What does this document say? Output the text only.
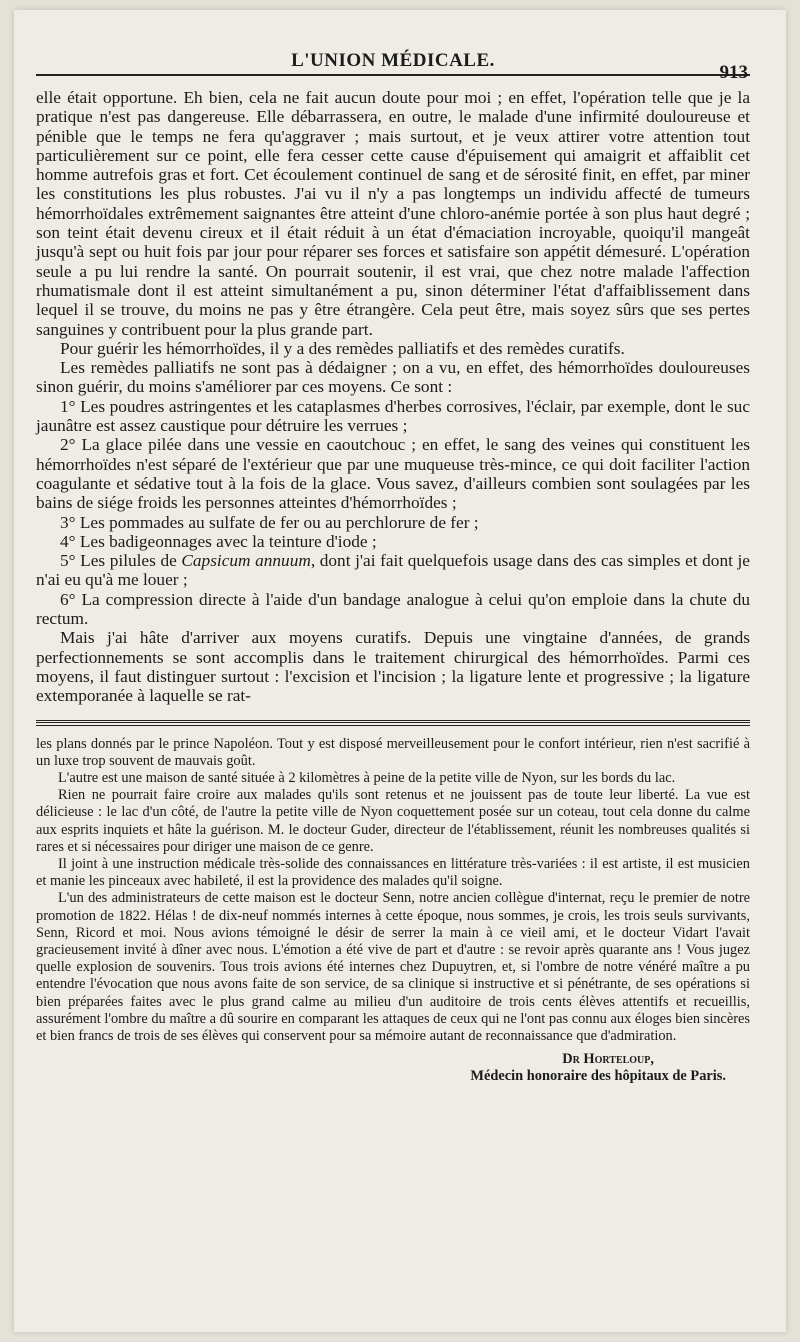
L'UNION MÉDICALE.
913

elle était opportune. Eh bien, cela ne fait aucun doute pour moi ; en effet, l'opération telle que je la pratique n'est pas dangereuse. Elle débarrassera, en outre, le malade d'une infirmité douloureuse et pénible que le temps ne fera qu'aggraver ; mais surtout, et je veux attirer votre attention tout particulièrement sur ce point, elle fera cesser cette cause d'épuisement qui amaigrit et affaiblit cet homme autrefois gras et fort. Cet écoulement continuel de sang et de sérosité finit, en effet, par miner les constitutions les plus robustes. J'ai vu il n'y a pas longtemps un individu affecté de tumeurs hémorrhoïdales extrêmement saignantes être atteint d'une chloro-anémie portée à son plus haut degré ; son teint était devenu cireux et il était réduit à un état d'émaciation incroyable, quoiqu'il mangeât jusqu'à sept ou huit fois par jour pour réparer ses forces et satisfaire son appétit démesuré. L'opération seule a pu lui rendre la santé. On pourrait soutenir, il est vrai, que chez notre malade l'affection rhumatismale dont il est atteint simultanément a pu, sinon déterminer l'état d'affaiblissement dans lequel il se trouve, du moins ne pas y être étrangère. Cela peut être, mais soyez sûrs que ses pertes sanguines y contribuent pour la plus grande part.

Pour guérir les hémorrhoïdes, il y a des remèdes palliatifs et des remèdes curatifs.

Les remèdes palliatifs ne sont pas à dédaigner ; on a vu, en effet, des hémorrhoïdes douloureuses sinon guérir, du moins s'améliorer par ces moyens. Ce sont :

1° Les poudres astringentes et les cataplasmes d'herbes corrosives, l'éclair, par exemple, dont le suc jaunâtre est assez caustique pour détruire les verrues ;

2° La glace pilée dans une vessie en caoutchouc ; en effet, le sang des veines qui constituent les hémorrhoïdes n'est séparé de l'extérieur que par une muqueuse très-mince, ce qui doit faciliter l'action coagulante et sédative tout à la fois de la glace. Vous savez, d'ailleurs combien sont soulagées par les bains de siége froids les personnes atteintes d'hémorrhoïdes ;

3° Les pommades au sulfate de fer ou au perchlorure de fer ;

4° Les badigeonnages avec la teinture d'iode ;

5° Les pilules de Capsicum annuum, dont j'ai fait quelquefois usage dans des cas simples et dont je n'ai eu qu'à me louer ;

6° La compression directe à l'aide d'un bandage analogue à celui qu'on emploie dans la chute du rectum.

Mais j'ai hâte d'arriver aux moyens curatifs. Depuis une vingtaine d'années, de grands perfectionnements se sont accomplis dans le traitement chirurgical des hémorrhoïdes. Parmi ces moyens, il faut distinguer surtout : l'excision et l'incision ; la ligature lente et progressive ; la ligature extemporanée à laquelle se rat-

les plans donnés par le prince Napoléon. Tout y est disposé merveilleusement pour le confort intérieur, rien n'est sacrifié à un luxe trop souvent de mauvais goût.

L'autre est une maison de santé située à 2 kilomètres à peine de la petite ville de Nyon, sur les bords du lac.

Rien ne pourrait faire croire aux malades qu'ils sont retenus et ne jouissent pas de toute leur liberté. La vue est délicieuse : le lac d'un côté, de l'autre la petite ville de Nyon coquettement posée sur un coteau, tout cela donne du calme aux esprits inquiets et hâte la guérison. M. le docteur Guder, directeur de l'établissement, réunit les nombreuses qualités si rares et si nécessaires pour diriger une maison de ce genre.

Il joint à une instruction médicale très-solide des connaissances en littérature très-variées : il est artiste, il est musicien et manie les pinceaux avec habileté, il est la providence des malades qu'il soigne.

L'un des administrateurs de cette maison est le docteur Senn, notre ancien collègue d'internat, reçu le premier de notre promotion de 1822. Hélas ! de dix-neuf nommés internes à cette époque, nous sommes, je crois, les trois seuls survivants, Senn, Ricord et moi. Nous avions témoigné le désir de serrer la main à ce vieil ami, et le docteur Vidart l'avait gracieusement invité à dîner avec nous. L'émotion a été vive de part et d'autre : se revoir après quarante ans ! Vous jugez quelle explosion de souvenirs. Tous trois avions été internes chez Dupuytren, et, si l'ombre de notre vénéré maître a pu entendre l'évocation que nous avons faite de son service, de sa clinique si instructive et si pénétrante, de ses opérations si bien préparées faites avec le plus grand calme au milieu d'un auditoire de trois cents élèves attentifs et recueillis, assurément l'ombre du maître a dû sourire en comparant les attaques de ceux qui ne l'ont pas connu aux éloges bien sincères et bien francs de trois de ses élèves qui conservent pour sa mémoire autant de reconnaissance que d'admiration.

Dr Horteloup,
Médecin honoraire des hôpitaux de Paris.
